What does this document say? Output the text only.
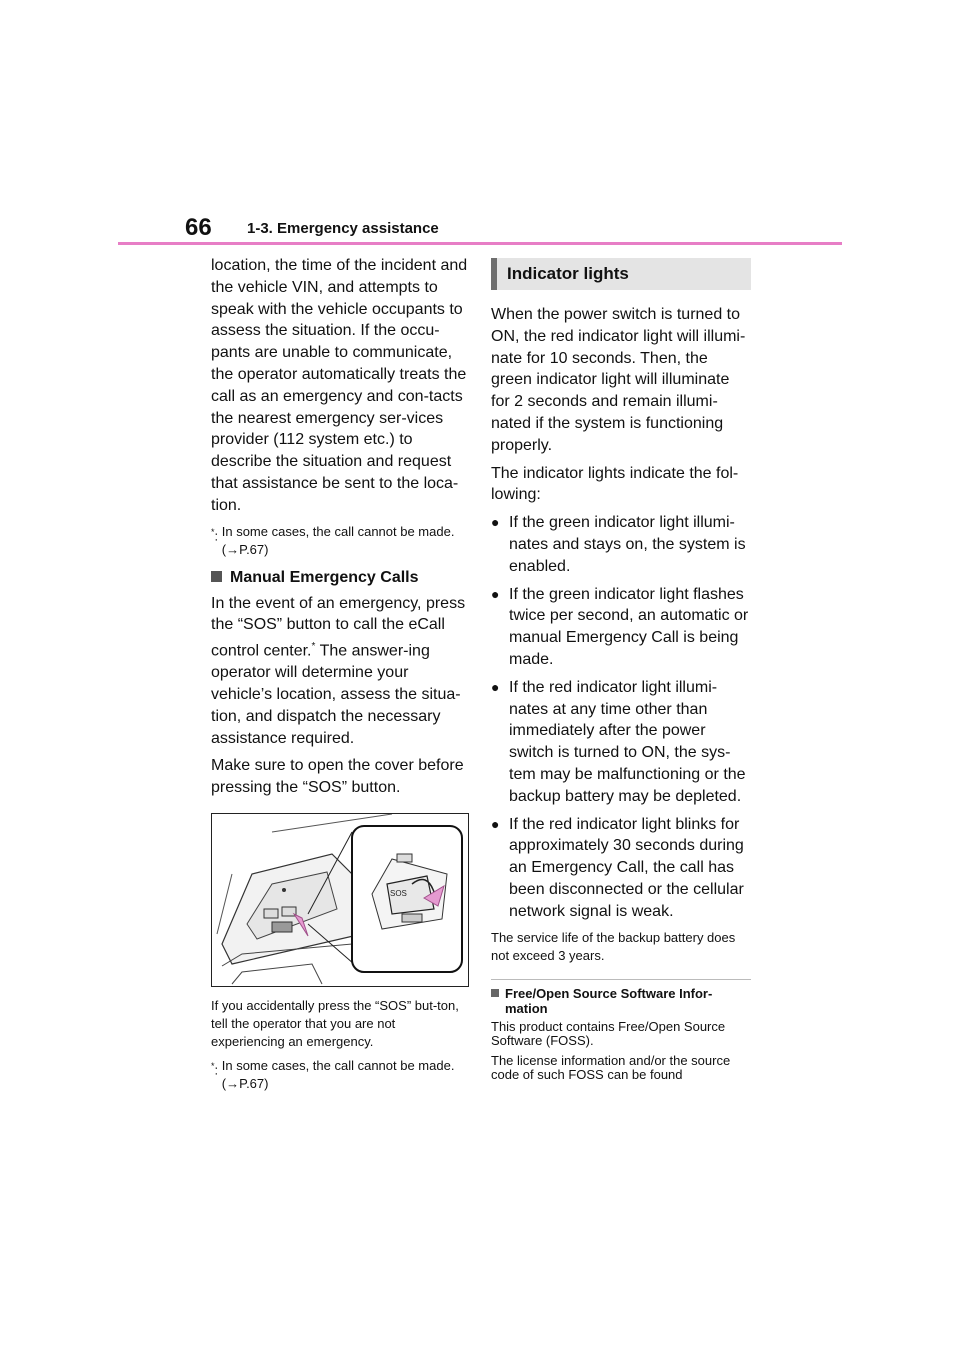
66 1-3. Emergency assistance

location, the time of the incident and the vehicle VIN, and attempts to speak with the vehicle occupants to assess the situation. If the occu-pants are unable to communicate, the operator automatically treats the call as an emergency and con-tacts the nearest emergency ser-vices provider (112 system etc.) to describe the situation and request that assistance be sent to the loca-tion.

*: In some cases, the call cannot be made. (→P.67)
Manual Emergency Calls

In the event of an emergency, press the “SOS” button to call the eCall control center.* The answer-ing operator will determine your vehicle’s location, assess the situa-tion, and dispatch the necessary assistance required.

Make sure to open the cover before pressing the “SOS” button.

SOS

If you accidentally press the “SOS” but-ton, tell the operator that you are not experiencing an emergency.

*: In some cases, the call cannot be made. (→P.67)
Indicator lights

When the power switch is turned to ON, the red indicator light will illumi-nate for 10 seconds. Then, the green indicator light will illuminate for 2 seconds and remain illumi-nated if the system is functioning properly.

The indicator lights indicate the fol-lowing:

● If the green indicator light illumi-nates and stays on, the system is enabled.
● If the green indicator light flashes twice per second, an automatic or manual Emergency Call is being made.
● If the red indicator light illumi-nates at any time other than immediately after the power switch is turned to ON, the sys-tem may be malfunctioning or the backup battery may be depleted.
● If the red indicator light blinks for approximately 30 seconds during an Emergency Call, the call has been disconnected or the cellular network signal is weak.

The service life of the backup battery does not exceed 3 years.

Free/Open Source Software Infor-mation

This product contains Free/Open Source Software (FOSS).

The license information and/or the source code of such FOSS can be found
